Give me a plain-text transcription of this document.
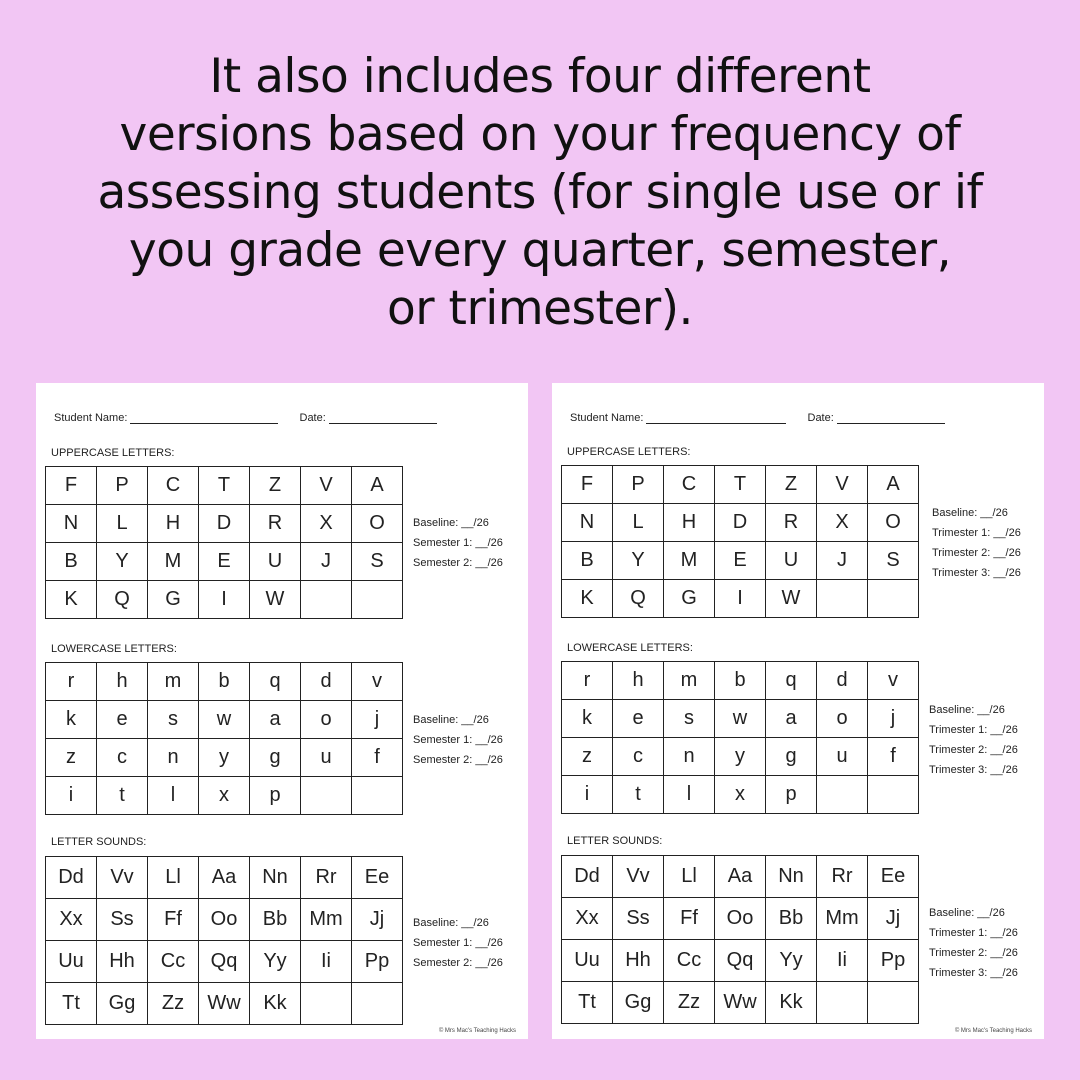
It also includes four different
versions based on your frequency of
assessing students (for single use or if
you grade every quarter, semester,
or trimester).
Student Name:	Date:
UPPERCASE LETTERS:
F	P	C	T	Z	V	A
N	L	H	D	R	X	O
B	Y	M	E	U	J	S
K	Q	G	I	W		
Baseline: __/26
Semester 1: __/26
Semester 2: __/26
LOWERCASE LETTERS:
r	h	m	b	q	d	v
k	e	s	w	a	o	j
z	c	n	y	g	u	f
i	t	l	x	p		
Baseline: __/26
Semester 1: __/26
Semester 2: __/26
LETTER SOUNDS:
Dd	Vv	Ll	Aa	Nn	Rr	Ee
Xx	Ss	Ff	Oo	Bb	Mm	Jj
Uu	Hh	Cc	Qq	Yy	Ii	Pp
Tt	Gg	Zz	Ww	Kk		
Baseline: __/26
Semester 1: __/26
Semester 2: __/26
© Mrs Mac's Teaching Hacks
Student Name:	Date:
UPPERCASE LETTERS:
F	P	C	T	Z	V	A
N	L	H	D	R	X	O
B	Y	M	E	U	J	S
K	Q	G	I	W		
Baseline: __/26
Trimester 1: __/26
Trimester 2: __/26
Trimester 3: __/26
LOWERCASE LETTERS:
r	h	m	b	q	d	v
k	e	s	w	a	o	j
z	c	n	y	g	u	f
i	t	l	x	p		
Baseline: __/26
Trimester 1: __/26
Trimester 2: __/26
Trimester 3: __/26
LETTER SOUNDS:
Dd	Vv	Ll	Aa	Nn	Rr	Ee
Xx	Ss	Ff	Oo	Bb	Mm	Jj
Uu	Hh	Cc	Qq	Yy	Ii	Pp
Tt	Gg	Zz	Ww	Kk		
Baseline: __/26
Trimester 1: __/26
Trimester 2: __/26
Trimester 3: __/26
© Mrs Mac's Teaching Hacks
